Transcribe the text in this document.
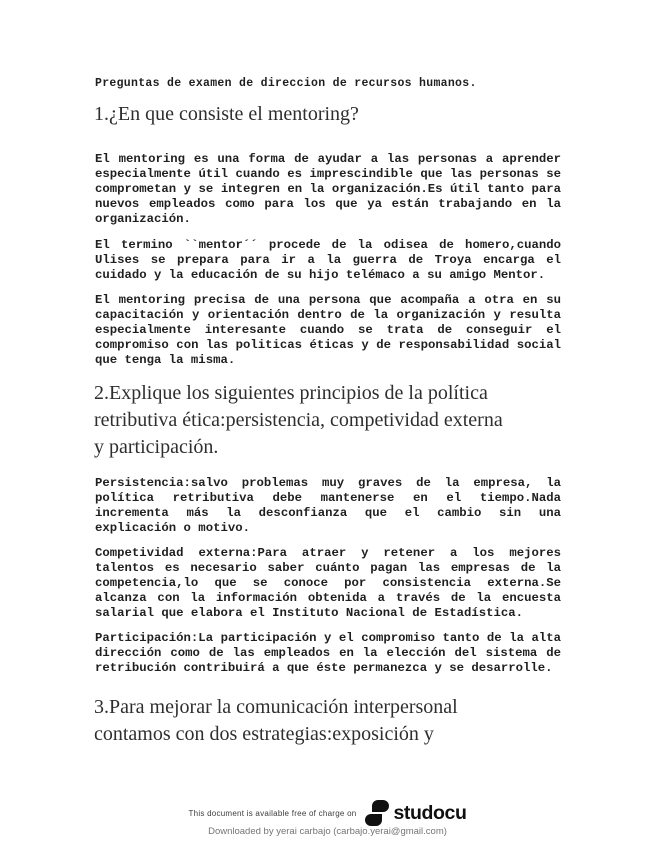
Preguntas de examen de direccion de recursos humanos.

1.¿En que consiste el mentoring?

El mentoring es una forma de ayudar a las personas a aprender especialmente útil cuando es imprescindible que las personas se comprometan y se integren en la organización.Es útil tanto para nuevos empleados como para los que ya están trabajando en la organización.

El termino ``mentor´´ procede de la odisea de homero,cuando Ulises se prepara para ir a la guerra de Troya encarga el cuidado y la educación de su hijo telémaco a su amigo Mentor.

El mentoring precisa de una persona que acompaña a otra en su capacitación y orientación dentro de la organización y resulta especialmente interesante cuando se trata de conseguir el compromiso con las politicas éticas y de responsabilidad social que tenga la misma.

2.Explique los siguientes principios de la política
retributiva ética:persistencia, competividad externa
y participación.

Persistencia:salvo problemas muy graves de la empresa, la política retributiva debe mantenerse en el tiempo.Nada incrementa más la desconfianza que el cambio sin una explicación o motivo.

Competividad externa:Para atraer y retener a los mejores talentos es necesario saber cuánto pagan las empresas de la competencia,lo que se conoce por consistencia externa.Se alcanza con la información obtenida a través de la encuesta salarial que elabora el Instituto Nacional de Estadística.

Participación:La participación y el compromiso tanto de la alta dirección como de las empleados en la elección del sistema de retribución contribuirá a que éste permanezca y se desarrolle.

3.Para mejorar la comunicación interpersonal
contamos con dos estrategias:exposición y
This document is available free of charge on studocu
Downloaded by yerai carbajo (carbajo.yerai@gmail.com)
